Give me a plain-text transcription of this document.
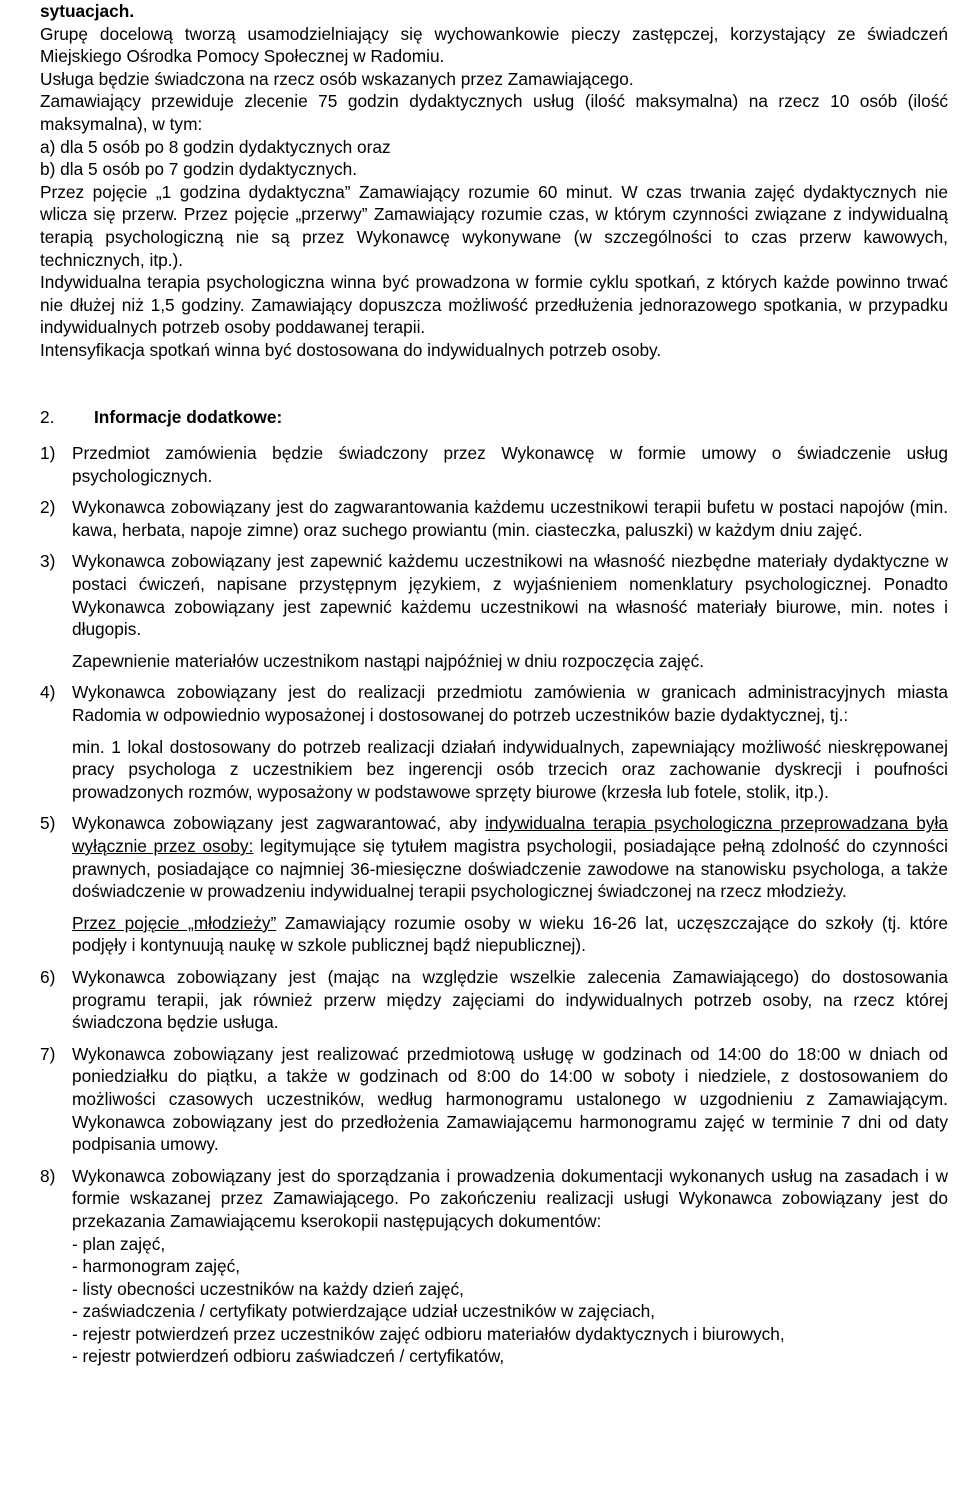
sytuacjach.

Grupę docelową tworzą usamodzielniający się wychowankowie pieczy zastępczej, korzystający ze świadczeń Miejskiego Ośrodka Pomocy Społecznej w Radomiu.

Usługa będzie świadczona na rzecz osób wskazanych przez Zamawiającego.

Zamawiający przewiduje zlecenie 75 godzin dydaktycznych usług (ilość maksymalna) na rzecz 10 osób (ilość maksymalna), w tym:

a) dla 5 osób po 8 godzin dydaktycznych oraz

b) dla 5 osób po 7 godzin dydaktycznych.

Przez pojęcie „1 godzina dydaktyczna” Zamawiający rozumie 60 minut. W czas trwania zajęć dydaktycznych nie wlicza się przerw. Przez pojęcie „przerwy” Zamawiający rozumie czas, w którym czynności związane z indywidualną terapią psychologiczną nie są przez Wykonawcę wykonywane (w szczególności to czas przerw kawowych, technicznych, itp.).

Indywidualna terapia psychologiczna winna być prowadzona w formie cyklu spotkań, z których każde powinno trwać nie dłużej niż 1,5 godziny. Zamawiający dopuszcza możliwość przedłużenia jednorazowego spotkania, w przypadku indywidualnych potrzeb osoby poddawanej terapii.

Intensyfikacja spotkań winna być dostosowana do indywidualnych potrzeb osoby.

2.	Informacje dodatkowe:
1) Przedmiot zamówienia będzie świadczony przez Wykonawcę w formie umowy o świadczenie usług psychologicznych.

2) Wykonawca zobowiązany jest do zagwarantowania każdemu uczestnikowi terapii bufetu w postaci napojów (min. kawa, herbata, napoje zimne) oraz suchego prowiantu (min. ciasteczka, paluszki) w każdym dniu zajęć.

3) Wykonawca zobowiązany jest zapewnić każdemu uczestnikowi na własność niezbędne materiały dydaktyczne w postaci ćwiczeń, napisane przystępnym językiem, z wyjaśnieniem nomenklatury psychologicznej. Ponadto Wykonawca zobowiązany jest zapewnić każdemu uczestnikowi na własność materiały biurowe, min. notes i długopis.

Zapewnienie materiałów uczestnikom nastąpi najpóźniej w dniu rozpoczęcia zajęć.

4) Wykonawca zobowiązany jest do realizacji przedmiotu zamówienia w granicach administracyjnych miasta Radomia w odpowiednio wyposażonej i dostosowanej do potrzeb uczestników bazie dydaktycznej, tj.:

min. 1 lokal dostosowany do potrzeb realizacji działań indywidualnych, zapewniający możliwość nieskrępowanej pracy psychologa z uczestnikiem bez ingerencji osób trzecich oraz zachowanie dyskrecji i poufności prowadzonych rozmów, wyposażony w podstawowe sprzęty biurowe (krzesła lub fotele, stolik, itp.).

5) Wykonawca zobowiązany jest zagwarantować, aby indywidualna terapia psychologiczna przeprowadzana była wyłącznie przez osoby: legitymujące się tytułem magistra psychologii, posiadające pełną zdolność do czynności prawnych, posiadające co najmniej 36-miesięczne doświadczenie zawodowe na stanowisku psychologa, a także doświadczenie w prowadzeniu indywidualnej terapii psychologicznej świadczonej na rzecz młodzieży.

Przez pojęcie „młodzieży” Zamawiający rozumie osoby w wieku 16-26 lat, uczęszczające do szkoły (tj. które podjęły i kontynuują naukę w szkole publicznej bądź niepublicznej).

6) Wykonawca zobowiązany jest (mając na względzie wszelkie zalecenia Zamawiającego) do dostosowania programu terapii, jak również przerw między zajęciami do indywidualnych potrzeb osoby, na rzecz której świadczona będzie usługa.

7) Wykonawca zobowiązany jest realizować przedmiotową usługę w godzinach od 14:00 do 18:00 w dniach od poniedziałku do piątku, a także w godzinach od 8:00 do 14:00 w soboty i niedziele, z dostosowaniem do możliwości czasowych uczestników, według harmonogramu ustalonego w uzgodnieniu z Zamawiającym. Wykonawca zobowiązany jest do przedłożenia Zamawiającemu harmonogramu zajęć w terminie 7 dni od daty podpisania umowy.

8) Wykonawca zobowiązany jest do sporządzania i prowadzenia dokumentacji wykonanych usług na zasadach i w formie wskazanej przez Zamawiającego. Po zakończeniu realizacji usługi Wykonawca zobowiązany jest do przekazania Zamawiającemu kserokopii następujących dokumentów:

- plan zajęć,

- harmonogram zajęć,

- listy obecności uczestników na każdy dzień zajęć,

- zaświadczenia / certyfikaty potwierdzające udział uczestników w zajęciach,

- rejestr potwierdzeń przez uczestników zajęć odbioru materiałów dydaktycznych i biurowych,

- rejestr potwierdzeń odbioru zaświadczeń / certyfikatów,
